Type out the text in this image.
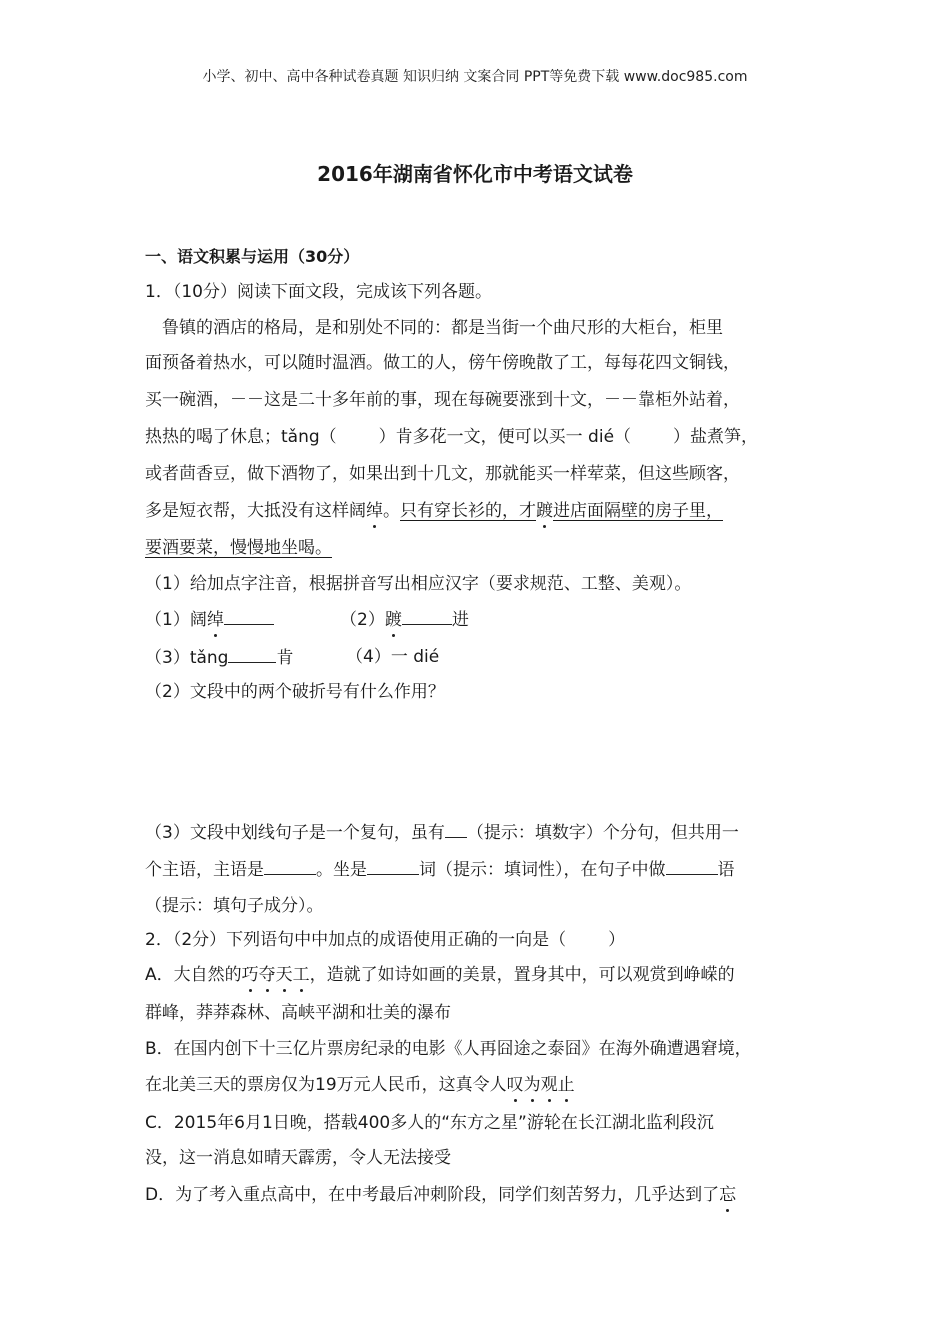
小学、初中、高中各种试卷真题 知识归纳 文案合同 PPT等免费下载 www.doc985.com
2016年湖南省怀化市中考语文试卷
一、语文积累与运用（30分）
1．（10分）阅读下面文段，完成该下列各题。
鲁镇的酒店的格局，是和别处不同的：都是当街一个曲尺形的大柜台，柜里
面预备着热水，可以随时温酒。做工的人，傍午傍晚散了工，每每花四文铜钱，
买一碗酒，－－这是二十多年前的事，现在每碗要涨到十文，－－靠柜外站着，
热热的喝了休息；tǎng（ ）肯多花一文，便可以买一 dié（ ）盐煮笋，
或者茴香豆，做下酒物了，如果出到十几文，那就能买一样荤菜，但这些顾客，
多是短衣帮，大抵没有这样阔绰。只有穿长衫的，才踱进店面隔壁的房子里，
要酒要菜，慢慢地坐喝。
（1）给加点字注音，根据拼音写出相应汉字（要求规范、工整、美观）。
（1）阔绰	（2）踱	进
（3）tǎng	肯	（4）一 dié
（2）文段中的两个破折号有什么作用？
（3）文段中划线句子是一个复句，虽有 （提示：填数字）个分句，但共用一
个主语，主语是	。坐是	词（提示：填词性），在句子中做	语
（提示：填句子成分）。
2．（2分）下列语句中中加点的成语使用正确的一向是（ ）
A．大自然的巧夺天工，造就了如诗如画的美景，置身其中，可以观赏到峥嵘的
群峰，莽莽森林、高峡平湖和壮美的瀑布
B．在国内创下十三亿片票房纪录的电影《人再囧途之泰囧》在海外确遭遇窘境，
在北美三天的票房仅为19万元人民币，这真令人叹为观止
C．2015年6月1日晚，搭载400多人的“东方之星”游轮在长江湖北监利段沉
没，这一消息如晴天霹雳，令人无法接受
D．为了考入重点高中，在中考最后冲刺阶段，同学们刻苦努力，几乎达到了忘
